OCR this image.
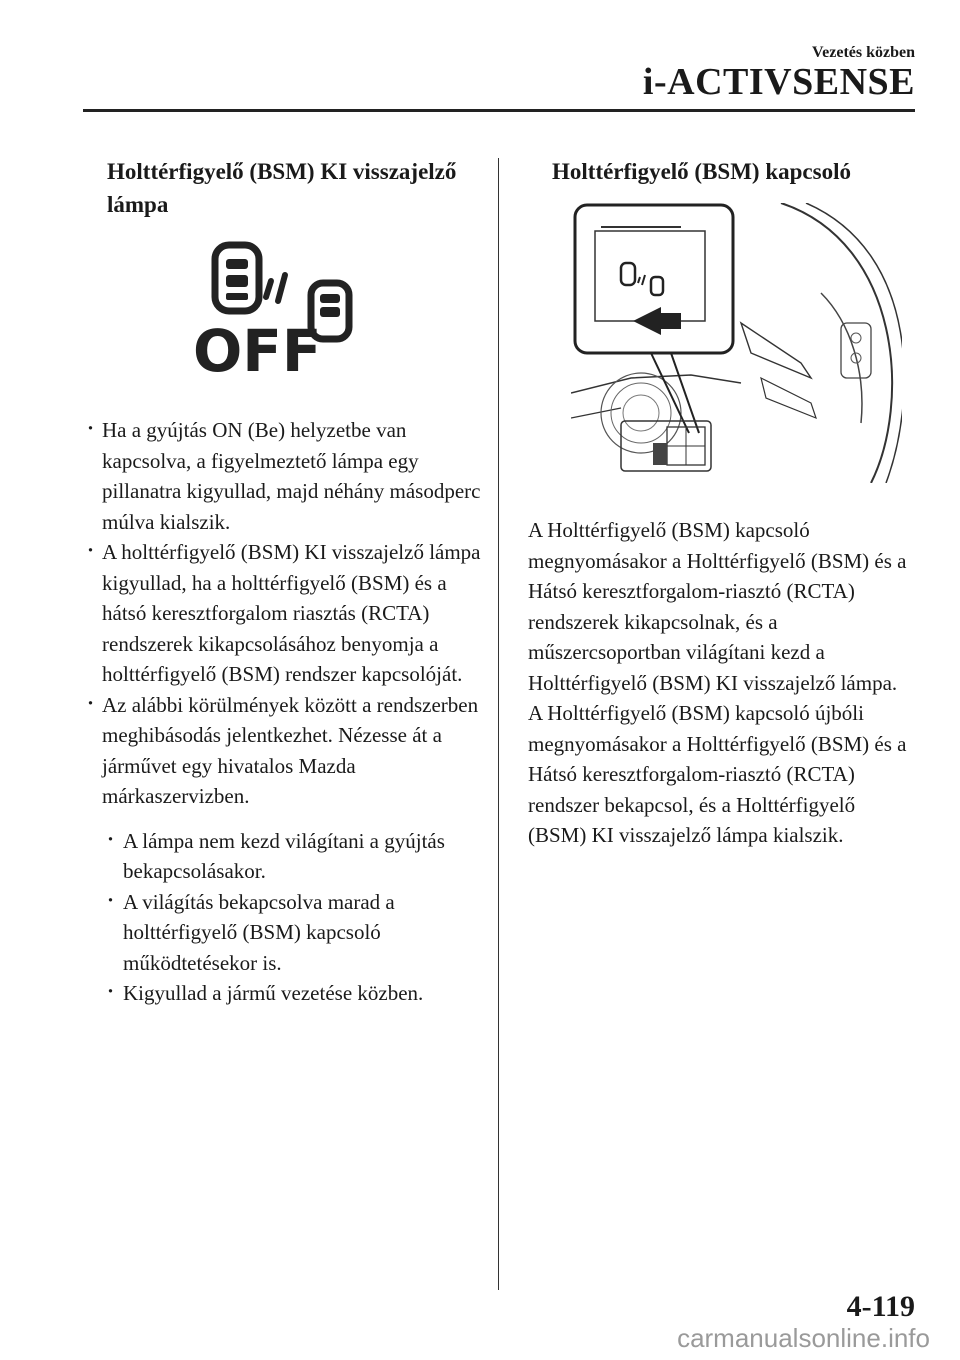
Vezetés közben
i-ACTIVSENSE
Holttérfigyelő (BSM) KI visszajelző lámpa
OFF
· Ha a gyújtás ON (Be) helyzetbe van kapcsolva, a figyelmeztető lámpa egy pillanatra kigyullad, majd néhány másodperc múlva kialszik.
· A holttérfigyelő (BSM) KI visszajelző lámpa kigyullad, ha a holttérfigyelő (BSM) és a hátsó keresztforgalom riasztás (RCTA) rendszerek kikapcsolásához benyomja a holttérfigyelő (BSM) rendszer kapcsolóját.
· Az alábbi körülmények között a rendszerben meghibásodás jelentkezhet. Nézesse át a járművet egy hivatalos Mazda márkaszervizben.
· A lámpa nem kezd világítani a gyújtás bekapcsolásakor.
· A világítás bekapcsolva marad a holttérfigyelő (BSM) kapcsoló működtetésekor is.
· Kigyullad a jármű vezetése közben.
Holttérfigyelő (BSM) kapcsoló

A Holttérfigyelő (BSM) kapcsoló megnyomásakor a Holttérfigyelő (BSM) és a Hátsó keresztforgalom-riasztó (RCTA) rendszerek kikapcsolnak, és a műszercsoportban világítani kezd a Holttérfigyelő (BSM) KI visszajelző lámpa.

A Holttérfigyelő (BSM) kapcsoló újbóli megnyomásakor a Holttérfigyelő (BSM) és a Hátsó keresztforgalom-riasztó (RCTA) rendszer bekapcsol, és a Holttérfigyelő (BSM) KI visszajelző lámpa kialszik.

4-119
carmanualsonline.info
